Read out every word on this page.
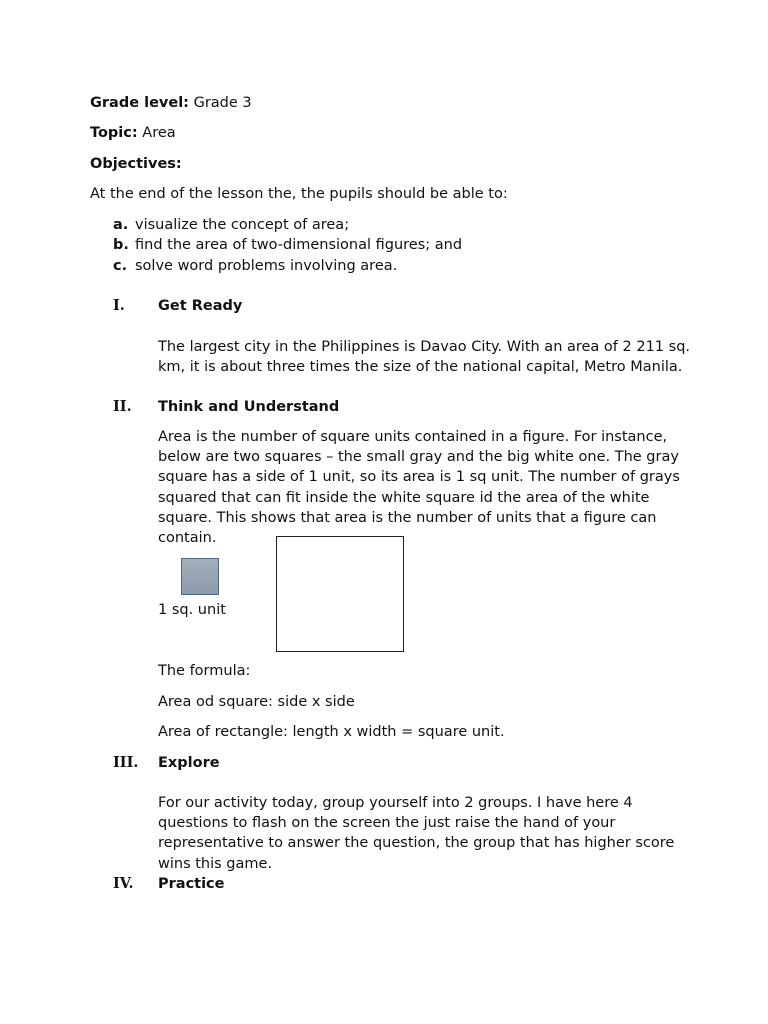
Grade level: Grade 3
Topic: Area
Objectives:
At the end of the lesson the, the pupils should be able to:
a. visualize the concept of area;
b. find the area of two-dimensional figures; and
c. solve word problems involving area.
I. Get Ready
The largest city in the Philippines is Davao City. With an area of 2 211 sq. km, it is about three times the size of the national capital, Metro Manila.
II. Think and Understand
Area is the number of square units contained in a figure. For instance, below are two squares – the small gray and the big white one. The gray square has a side of 1 unit, so its area is 1 sq unit. The number of grays squared that can fit inside the white square id the area of the white square. This shows that area is the number of units that a figure can contain.
1 sq. unit
The formula:
Area od square: side x side
Area of rectangle: length x width = square unit.
III. Explore
For our activity today, group yourself into 2 groups. I have here 4 questions to flash on the screen the just raise the hand of your representative to answer the question, the group that has higher score wins this game.
IV. Practice
